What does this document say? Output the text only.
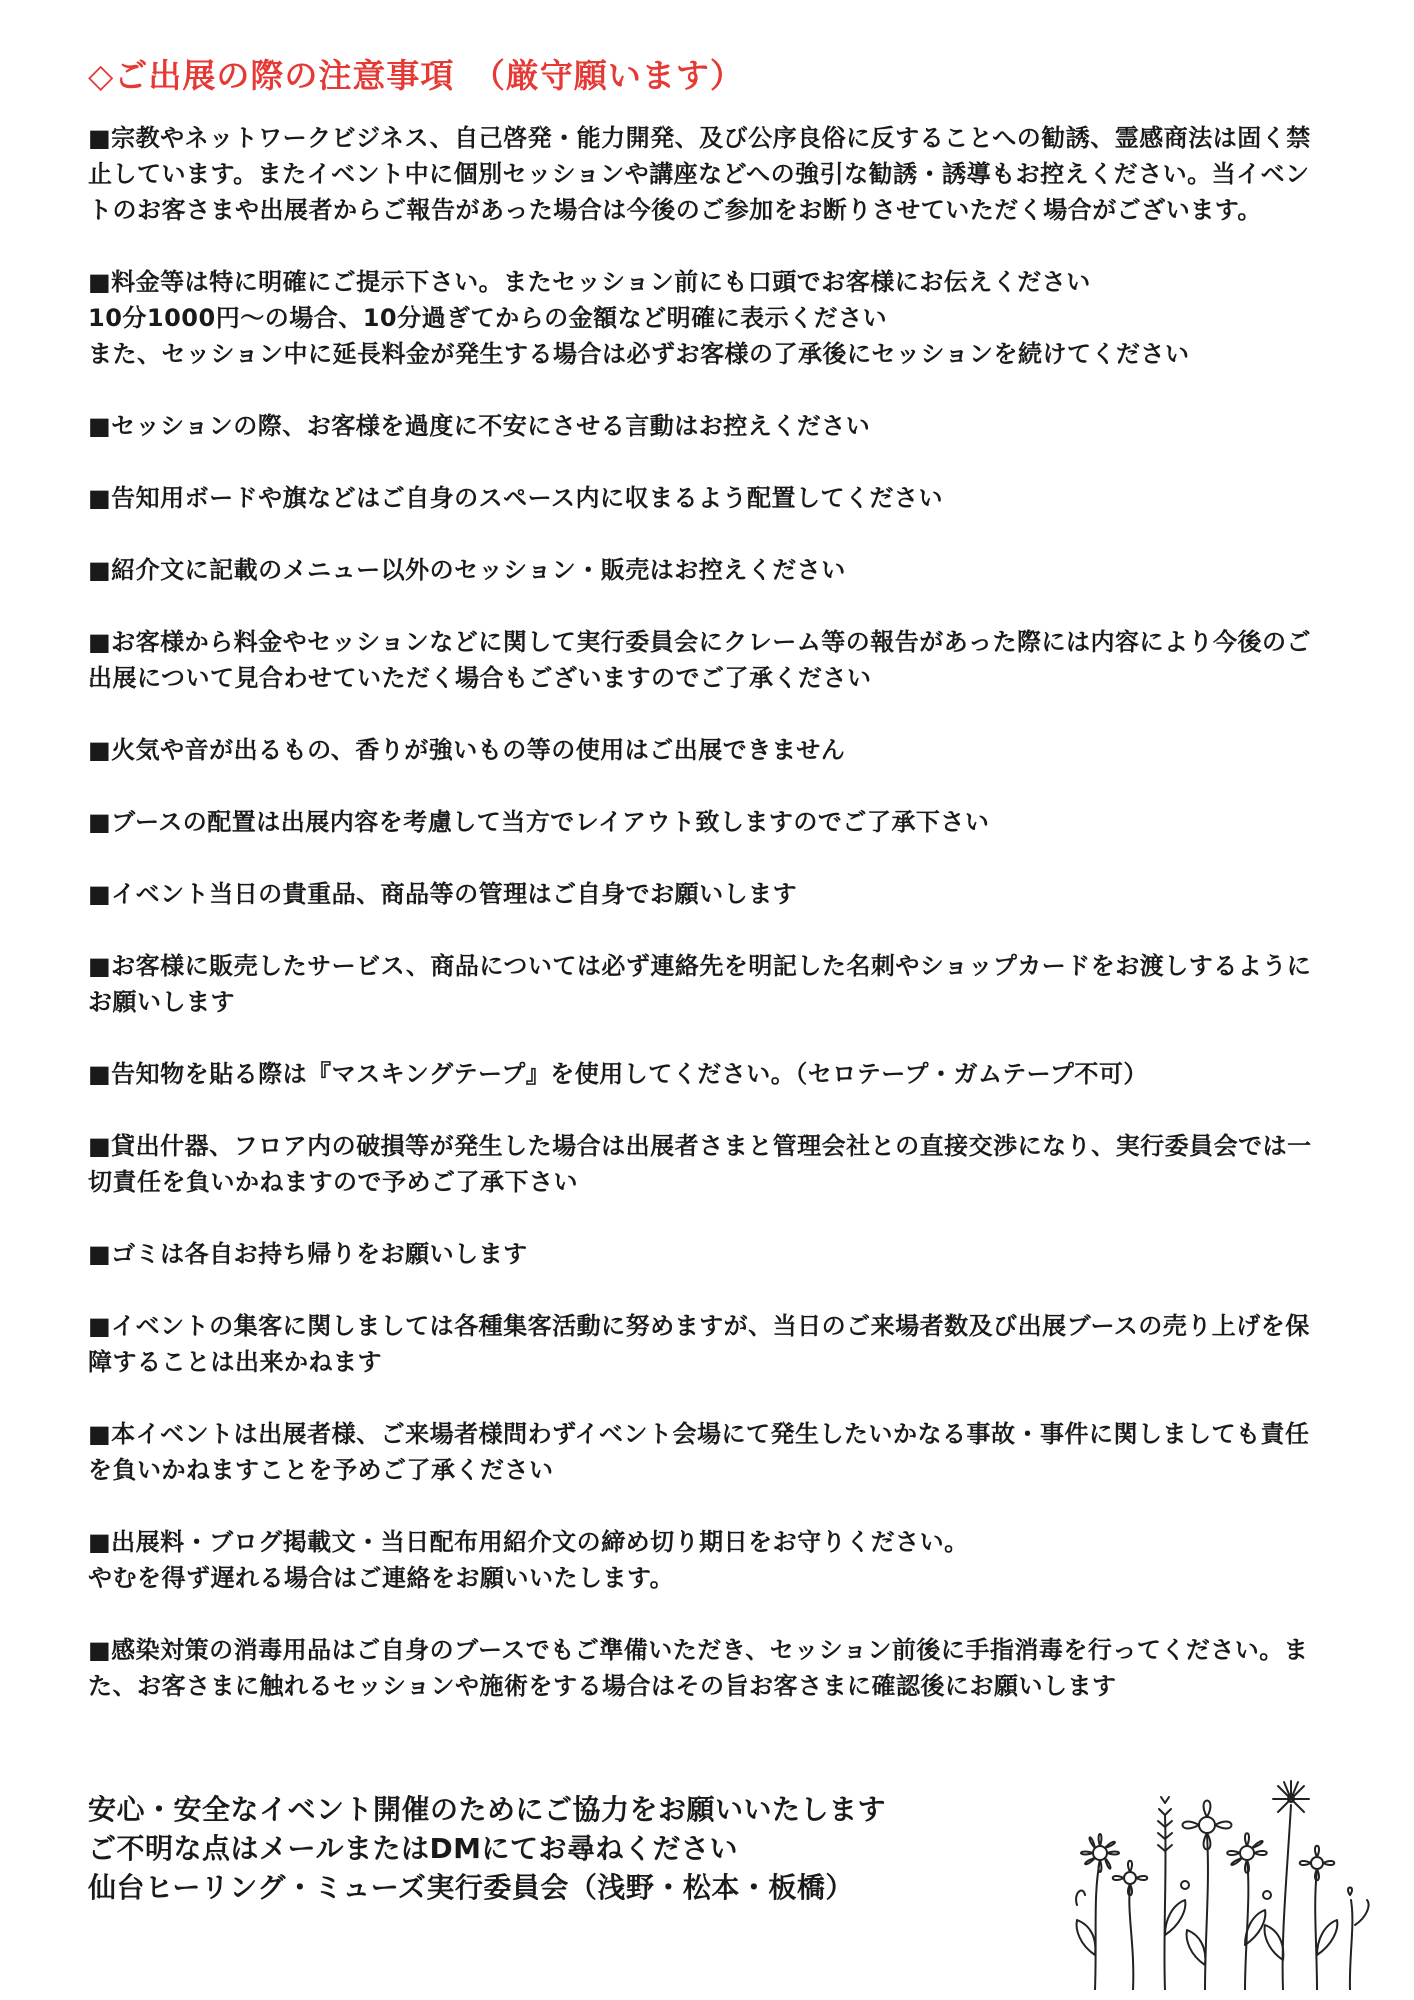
◇ご出展の際の注意事項　（厳守願います）
■宗教やネットワークビジネス、自己啓発・能力開発、及び公序良俗に反することへの勧誘、霊感商法は固く禁止しています。またイベント中に個別セッションや講座などへの強引な勧誘・誘導もお控えください。当イベントのお客さまや出展者からご報告があった場合は今後のご参加をお断りさせていただく場合がございます。
■料金等は特に明確にご提示下さい。またセッション前にも口頭でお客様にお伝えください
10分1000円～の場合、10分過ぎてからの金額など明確に表示ください
また、セッション中に延長料金が発生する場合は必ずお客様の了承後にセッションを続けてください
■セッションの際、お客様を過度に不安にさせる言動はお控えください
■告知用ボードや旗などはご自身のスペース内に収まるよう配置してください
■紹介文に記載のメニュー以外のセッション・販売はお控えください
■お客様から料金やセッションなどに関して実行委員会にクレーム等の報告があった際には内容により今後のご出展について見合わせていただく場合もございますのでご了承ください
■火気や音が出るもの、香りが強いもの等の使用はご出展できません
■ブースの配置は出展内容を考慮して当方でレイアウト致しますのでご了承下さい
■イベント当日の貴重品、商品等の管理はご自身でお願いします
■お客様に販売したサービス、商品については必ず連絡先を明記した名刺やショップカードをお渡しするようにお願いします
■告知物を貼る際は『マスキングテープ』を使用してください。（セロテープ・ガムテープ不可）
■貸出什器、フロア内の破損等が発生した場合は出展者さまと管理会社との直接交渉になり、実行委員会では一切責任を負いかねますので予めご了承下さい
■ゴミは各自お持ち帰りをお願いします
■イベントの集客に関しましては各種集客活動に努めますが、当日のご来場者数及び出展ブースの売り上げを保障することは出来かねます
■本イベントは出展者様、ご来場者様問わずイベント会場にて発生したいかなる事故・事件に関しましても責任を負いかねますことを予めご了承ください
■出展料・ブログ掲載文・当日配布用紹介文の締め切り期日をお守りください。
やむを得ず遅れる場合はご連絡をお願いいたします。
■感染対策の消毒用品はご自身のブースでもご準備いただき、セッション前後に手指消毒を行ってください。また、お客さまに触れるセッションや施術をする場合はその旨お客さまに確認後にお願いします
安心・安全なイベント開催のためにご協力をお願いいたします
ご不明な点はメールまたはDMにてお尋ねください
仙台ヒーリング・ミューズ実行委員会（浅野・松本・板橋）
